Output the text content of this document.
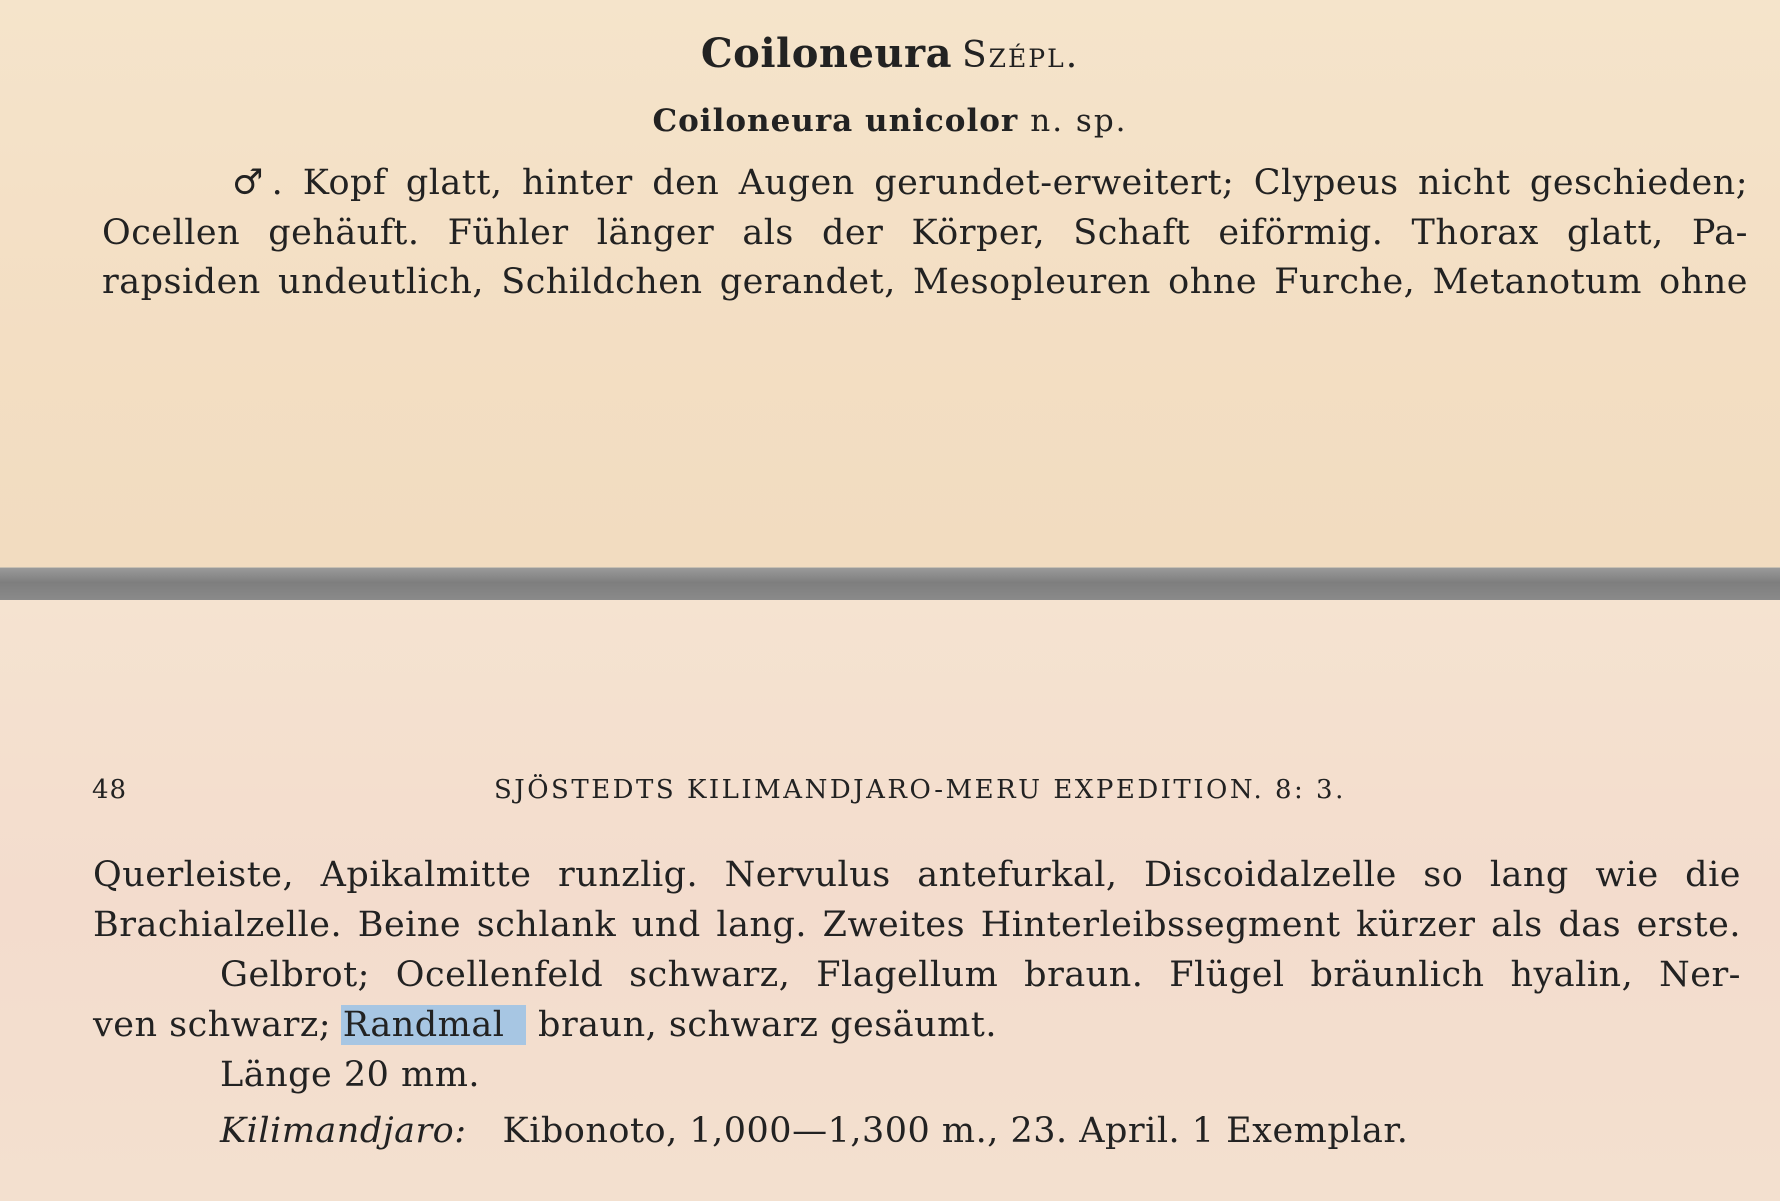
Coiloneura Szépl.
Coiloneura unicolor n. sp.
♂. Kopf glatt, hinter den Augen gerundet-erweitert; Clypeus nicht geschieden;
Ocellen gehäuft. Fühler länger als der Körper, Schaft eiförmig. Thorax glatt, Pa-
rapsiden undeutlich, Schildchen gerandet, Mesopleuren ohne Furche, Metanotum ohne
48	SJÖSTEDTS KILIMANDJARO-MERU EXPEDITION. 8: 3.
Querleiste, Apikalmitte runzlig. Nervulus antefurkal, Discoidalzelle so lang wie die
Brachialzelle. Beine schlank und lang. Zweites Hinterleibssegment kürzer als das erste.
Gelbrot; Ocellenfeld schwarz, Flagellum braun. Flügel bräunlich hyalin, Ner-
ven schwarz; Randmal braun, schwarz gesäumt.
Länge 20 mm.
Kilimandjaro: Kibonoto, 1,000—1,300 m., 23. April. 1 Exemplar.
